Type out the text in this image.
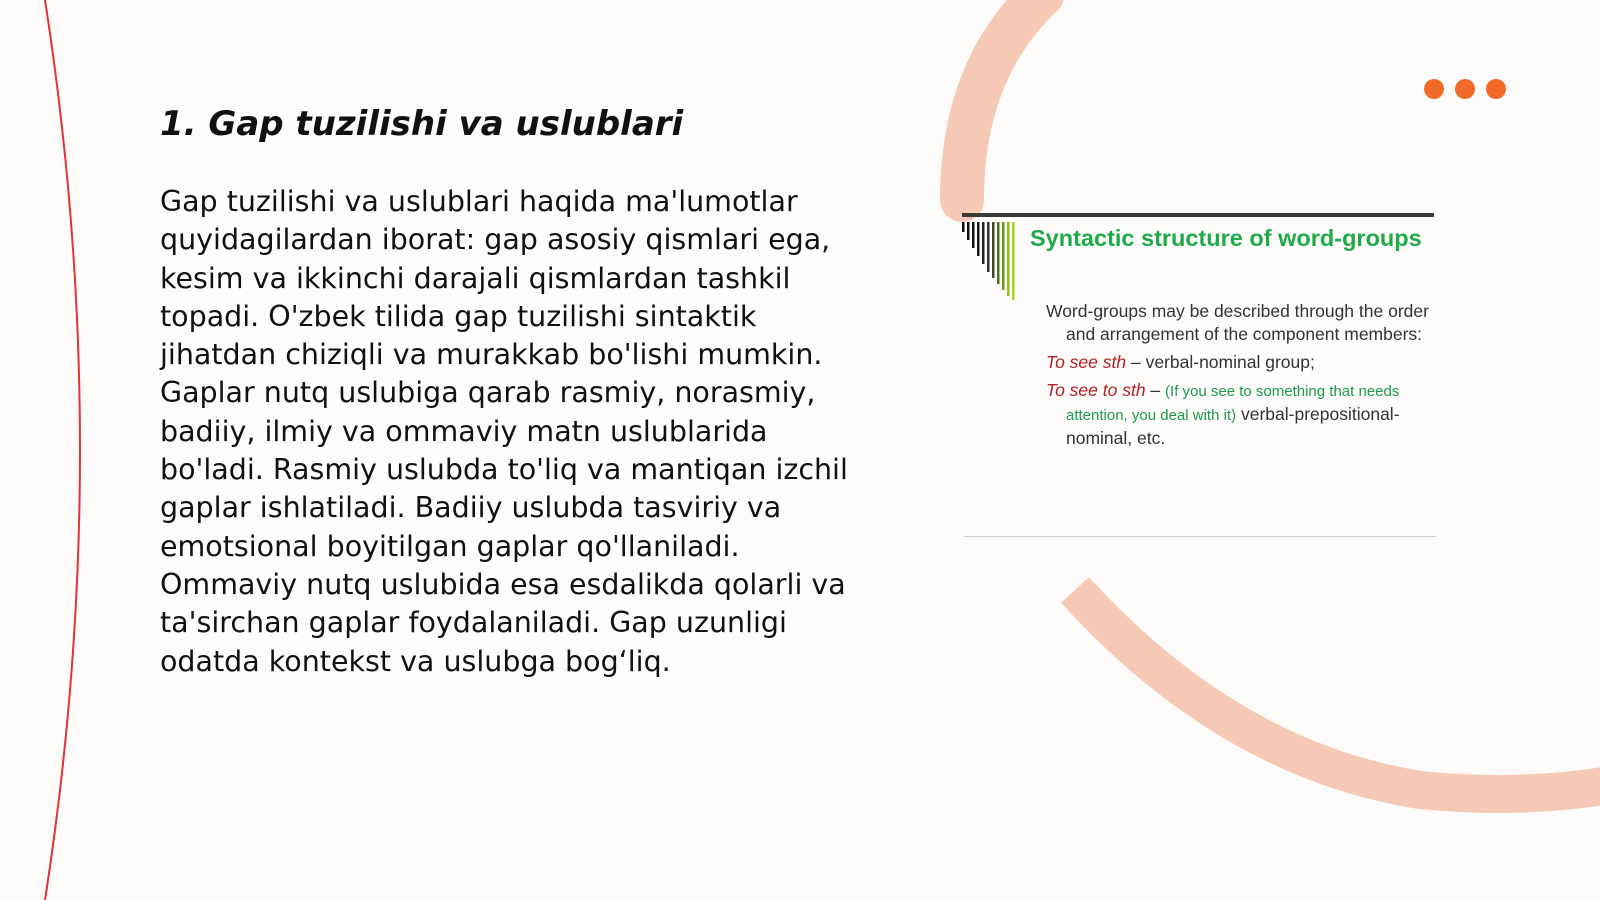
1. Gap tuzilishi va uslublari

Gap tuzilishi va uslublari haqida ma'lumotlar quyidagilardan iborat: gap asosiy qismlari ega, kesim va ikkinchi darajali qismlardan tashkil topadi. O'zbek tilida gap tuzilishi sintaktik jihatdan chiziqli va murakkab bo'lishi mumkin. Gaplar nutq uslubiga qarab rasmiy, norasmiy, badiiy, ilmiy va ommaviy matn uslublarida bo'ladi. Rasmiy uslubda to'liq va mantiqan izchil gaplar ishlatiladi. Badiiy uslubda tasviriy va emotsional boyitilgan gaplar qo'llaniladi. Ommaviy nutq uslubida esa esdalikda qolarli va ta'sirchan gaplar foydalaniladi. Gap uzunligi odatda kontekst va uslubga bog‘liq.

Syntactic structure of word-groups

Word-groups may be described through the order and arrangement of the component members:

To see sth – verbal-nominal group;

To see to sth – (If you see to something that needs attention, you deal with it) verbal-prepositional-nominal, etc.
